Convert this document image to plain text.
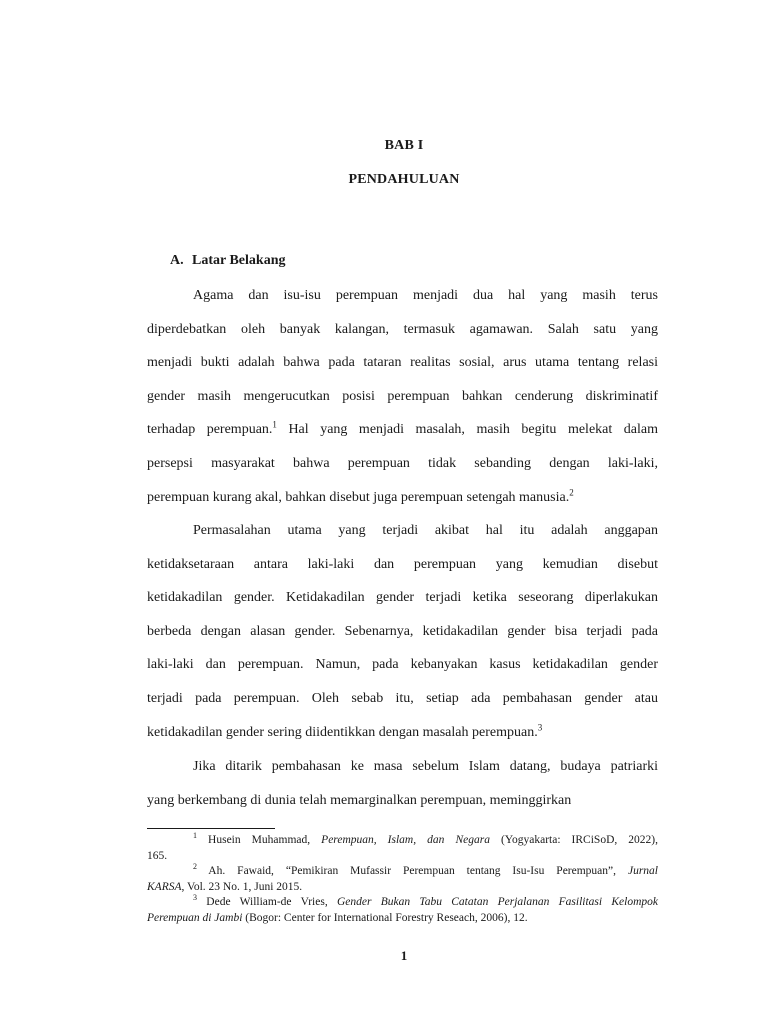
BAB I
PENDAHULUAN
A. Latar Belakang
Agama dan isu-isu perempuan menjadi dua hal yang masih terus
diperdebatkan oleh banyak kalangan, termasuk agamawan. Salah satu yang
menjadi bukti adalah bahwa pada tataran realitas sosial, arus utama tentang relasi
gender masih mengerucutkan posisi perempuan bahkan cenderung diskriminatif
terhadap perempuan.$^1$ Hal yang menjadi masalah, masih begitu melekat dalam
persepsi masyarakat bahwa perempuan tidak sebanding dengan laki-laki,
perempuan kurang akal, bahkan disebut juga perempuan setengah manusia.$^2$
Permasalahan utama yang terjadi akibat hal itu adalah anggapan
ketidaksetaraan antara laki-laki dan perempuan yang kemudian disebut
ketidakadilan gender. Ketidakadilan gender terjadi ketika seseorang diperlakukan
berbeda dengan alasan gender. Sebenarnya, ketidakadilan gender bisa terjadi pada
laki-laki dan perempuan. Namun, pada kebanyakan kasus ketidakadilan gender
terjadi pada perempuan. Oleh sebab itu, setiap ada pembahasan gender atau
ketidakadilan gender sering diidentikkan dengan masalah perempuan.$^3$
Jika ditarik pembahasan ke masa sebelum Islam datang, budaya patriarki
yang berkembang di dunia telah memarginalkan perempuan, meminggirkan
$^1$ Husein Muhammad, Perempuan, Islam, dan Negara (Yogyakarta: IRCiSoD, 2022),
165.
$^2$ Ah. Fawaid, “Pemikiran Mufassir Perempuan tentang Isu-Isu Perempuan”, Jurnal
KARSA, Vol. 23 No. 1, Juni 2015.
$^3$ Dede William-de Vries, Gender Bukan Tabu Catatan Perjalanan Fasilitasi Kelompok
Perempuan di Jambi (Bogor: Center for International Forestry Reseach, 2006), 12.
1
